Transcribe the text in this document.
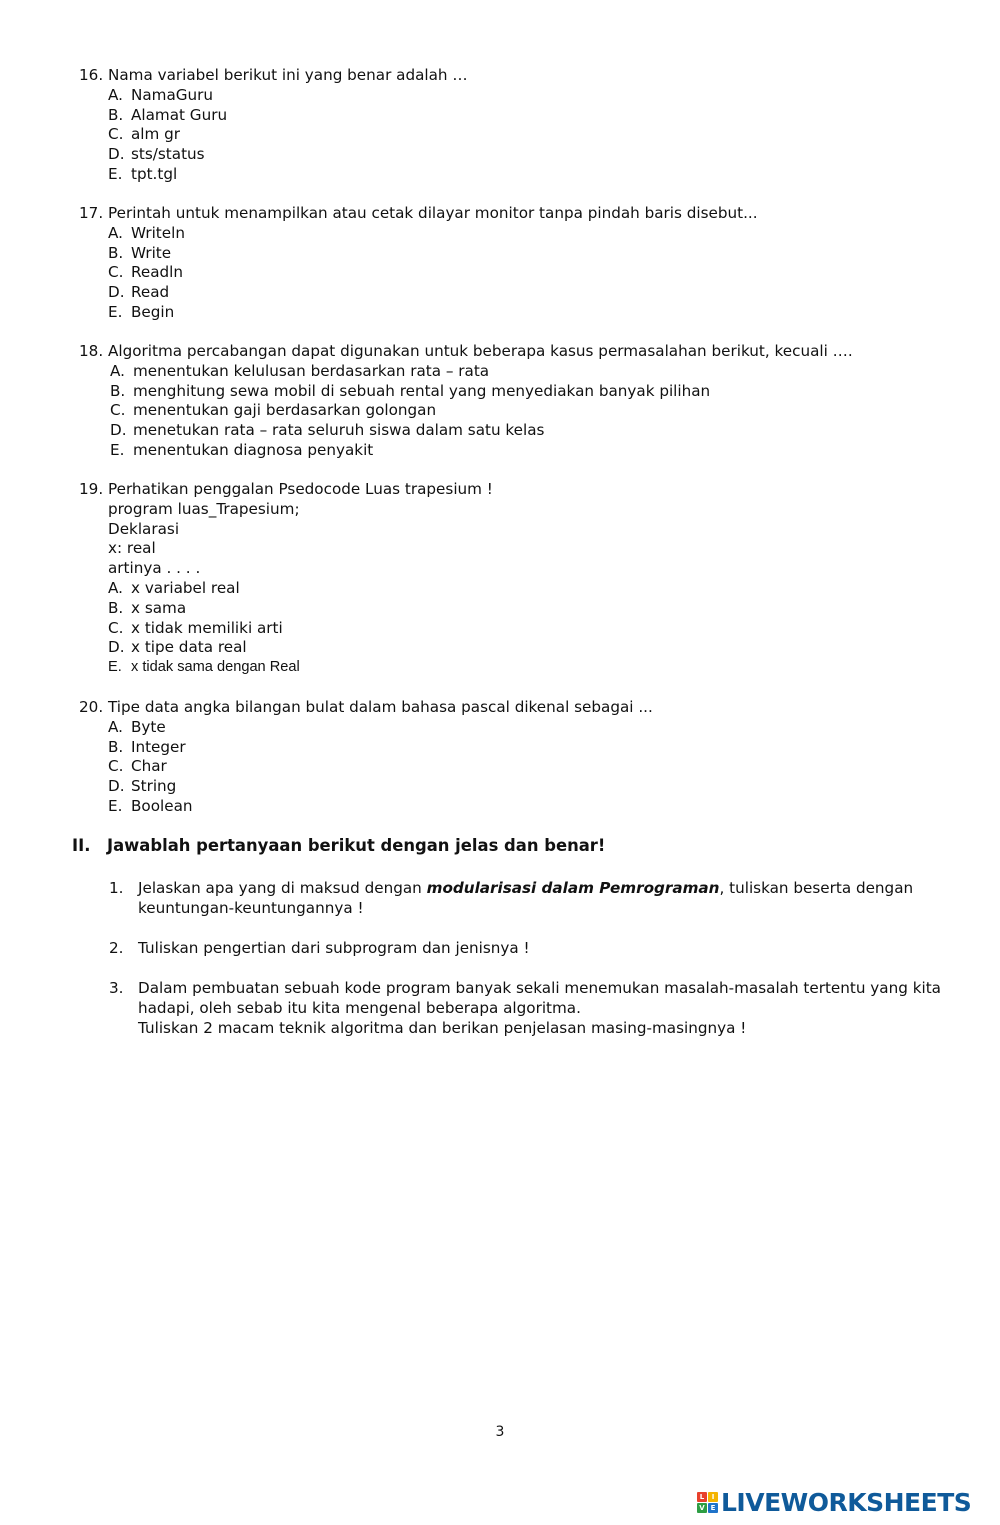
16. Nama variabel berikut ini yang benar adalah …
A. NamaGuru
B. Alamat Guru
C. alm gr
D. sts/status
E. tpt.tgl
17. Perintah untuk menampilkan atau cetak dilayar monitor tanpa pindah baris disebut...
A. Writeln
B. Write
C. Readln
D. Read
E. Begin
18. Algoritma percabangan dapat digunakan untuk beberapa kasus permasalahan berikut, kecuali ….
A. menentukan kelulusan berdasarkan rata – rata
B. menghitung sewa mobil di sebuah rental yang menyediakan banyak pilihan
C. menentukan gaji berdasarkan golongan
D. menetukan rata – rata seluruh siswa dalam satu kelas
E. menentukan diagnosa penyakit
19. Perhatikan penggalan Psedocode Luas trapesium !
program luas_Trapesium;
Deklarasi
x: real
artinya . . . .
A. x variabel real
B. x sama
C. x tidak memiliki arti
D. x tipe data real
E. x tidak sama dengan Real
20. Tipe data angka bilangan bulat dalam bahasa pascal dikenal sebagai ...
A. Byte
B. Integer
C. Char
D. String
E. Boolean
II.	Jawablah pertanyaan berikut dengan jelas dan benar!
1. Jelaskan apa yang di maksud dengan modularisasi dalam Pemrograman, tuliskan beserta dengan
keuntungan-keuntungannya !
2. Tuliskan pengertian dari subprogram dan jenisnya !
3. Dalam pembuatan sebuah kode program banyak sekali menemukan masalah-masalah tertentu yang kita
hadapi, oleh sebab itu kita mengenal beberapa algoritma.
Tuliskan 2 macam teknik algoritma dan berikan penjelasan masing-masingnya !
3
L	I
V E LIVEWORKSHEETS
